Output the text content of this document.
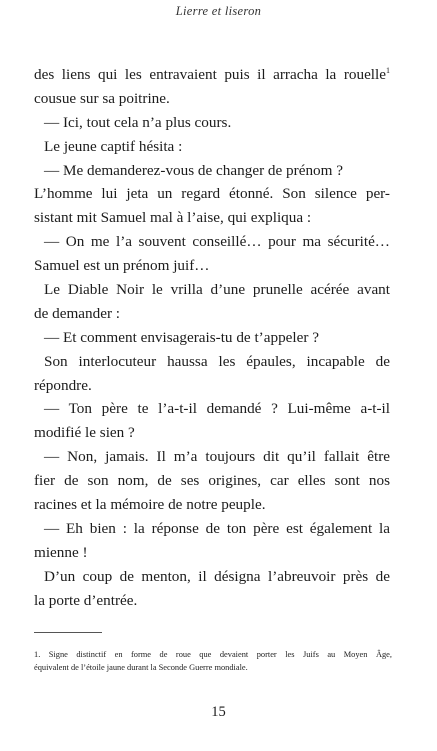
Lierre et liseron
des liens qui les entravaient puis il arracha la rouelle$^1$
cousue sur sa poitrine.
— Ici, tout cela n’a plus cours.
Le jeune captif hésita :
— Me demanderez-vous de changer de prénom ?
L’homme lui jeta un regard étonné. Son silence per-
sistant mit Samuel mal à l’aise, qui expliqua :
— On me l’a souvent conseillé… pour ma sécurité…
Samuel est un prénom juif…
Le Diable Noir le vrilla d’une prunelle acérée avant
de demander :
— Et comment envisagerais-tu de t’appeler ?
Son interlocuteur haussa les épaules, incapable de
répondre.
— Ton père te l’a-t-il demandé ? Lui-même a-t-il
modifié le sien ?
— Non, jamais. Il m’a toujours dit qu’il fallait être
fier de son nom, de ses origines, car elles sont nos
racines et la mémoire de notre peuple.
— Eh bien : la réponse de ton père est également la
mienne !
D’un coup de menton, il désigna l’abreuvoir près de
la porte d’entrée.
1. Signe distinctif en forme de roue que devaient porter les Juifs au Moyen Âge,
équivalent de l’étoile jaune durant la Seconde Guerre mondiale.
15
